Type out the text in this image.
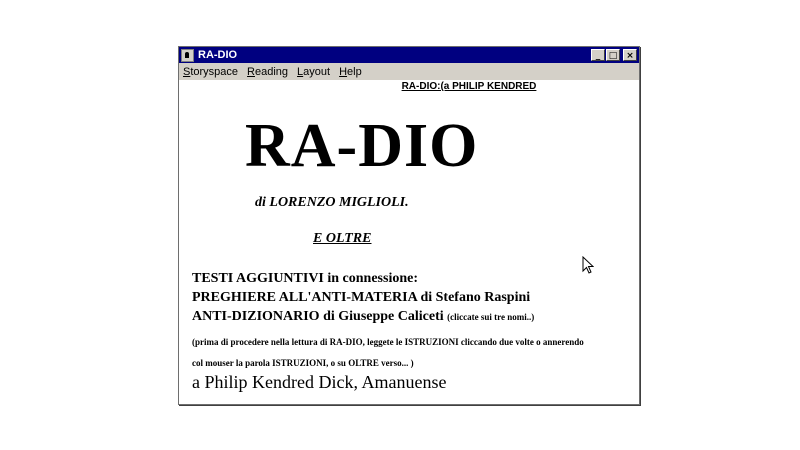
RA-DIO	_ □ ×
Storyspace Reading Layout Help
RA-DIO:(a PHILIP KENDRED
RA-DIO
di LORENZO MIGLIOLI.
E OLTRE
TESTI AGGIUNTIVI in connessione:
PREGHIERE ALL'ANTI-MATERIA di Stefano Raspini
ANTI-DIZIONARIO di Giuseppe Caliceti (cliccate sui tre nomi..)
(prima di procedere nella lettura di RA-DIO, leggete le ISTRUZIONI cliccando due volte o annerendo
col mouser la parola ISTRUZIONI, o su OLTRE verso... )
a Philip Kendred Dick, Amanuense
